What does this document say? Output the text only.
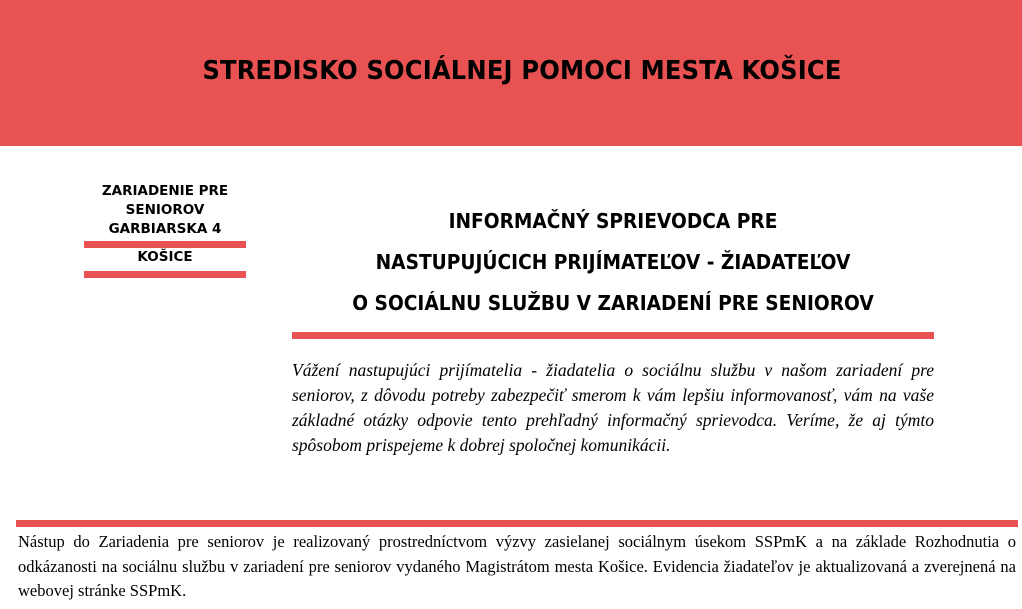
STREDISKO SOCIÁLNEJ POMOCI MESTA KOŠICE
ZARIADENIE PRE
SENIOROV
GARBIARSKA 4
KOŠICE
INFORMAČNÝ SPRIEVODCA PRE
NASTUPUJÚCICH PRIJÍMATEĽOV - ŽIADATEĽOV
O SOCIÁLNU SLUŽBU V ZARIADENÍ PRE SENIOROV
Vážení nastupujúci prijímatelia - žiadatelia o sociálnu službu v našom zariadení pre seniorov, z dôvodu potreby zabezpečiť smerom k vám lepšiu informovanosť, vám na vaše základné otázky odpovie tento prehľadný informačný sprievodca. Veríme, že aj týmto spôsobom prispejeme k dobrej spoločnej komunikácii.
Nástup do Zariadenia pre seniorov je realizovaný prostredníctvom výzvy zasielanej sociálnym úsekom SSPmK a na základe Rozhodnutia o odkázanosti na sociálnu službu v zariadení pre seniorov vydaného Magistrátom mesta Košice. Evidencia žiadateľov je aktualizovaná a zverejnená na webovej stránke SSPmK.
